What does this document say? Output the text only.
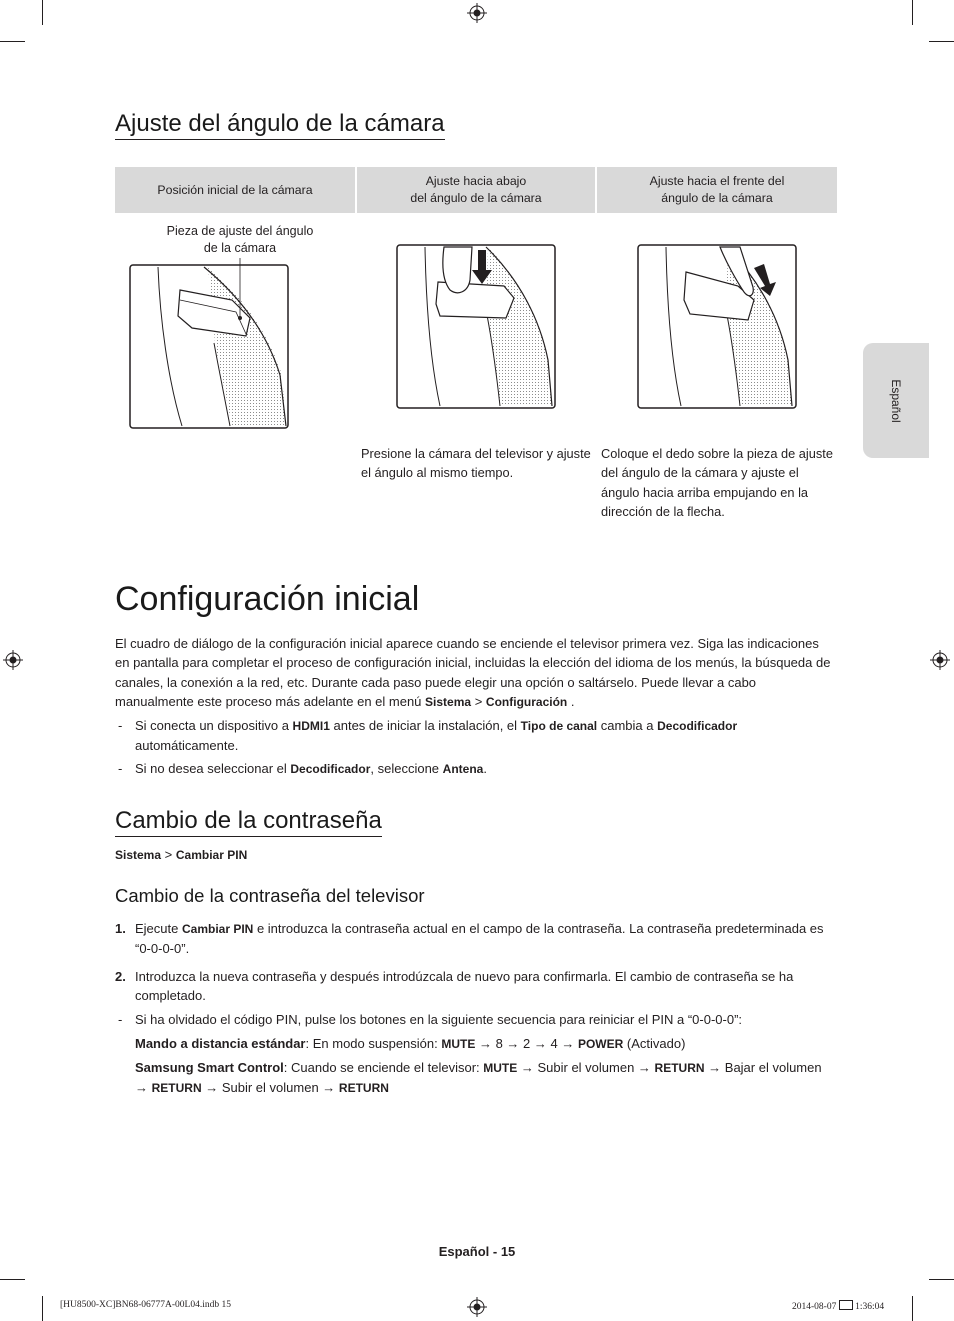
Ajuste del ángulo de la cámara
Posición inicial de la cámara
Ajuste hacia abajo
del ángulo de la cámara
Ajuste hacia el frente del
ángulo de la cámara
Pieza de ajuste del ángulo
de la cámara
Presione la cámara del televisor y ajuste el ángulo al mismo tiempo.
Coloque el dedo sobre la pieza de ajuste del ángulo de la cámara y ajuste el ángulo hacia arriba empujando en la dirección de la flecha.
Español
Configuración inicial
El cuadro de diálogo de la configuración inicial aparece cuando se enciende el televisor primera vez. Siga las indicaciones en pantalla para completar el proceso de configuración inicial, incluidas la elección del idioma de los menús, la búsqueda de canales, la conexión a la red, etc. Durante cada paso puede elegir una opción o saltárselo. Puede llevar a cabo manualmente este proceso más adelante en el menú Sistema > Configuración .
- Si conecta un dispositivo a HDMI1 antes de iniciar la instalación, el Tipo de canal cambia a Decodificador automáticamente.
- Si no desea seleccionar el Decodificador, seleccione Antena.
Cambio de la contraseña
Sistema > Cambiar PIN
Cambio de la contraseña del televisor
1. Ejecute Cambiar PIN e introduzca la contraseña actual en el campo de la contraseña. La contraseña predeterminada es “0-0-0-0”.
2. Introduzca la nueva contraseña y después introdúzcala de nuevo para confirmarla. El cambio de contraseña se ha completado.
- Si ha olvidado el código PIN, pulse los botones en la siguiente secuencia para reiniciar el PIN a “0-0-0-0”:
Mando a distancia estándar: En modo suspensión: MUTE → 8 → 2 → 4 → POWER (Activado)
Samsung Smart Control: Cuando se enciende el televisor: MUTE → Subir el volumen → RETURN → Bajar el volumen → RETURN → Subir el volumen → RETURN
Español - 15
[HU8500-XC]BN68-06777A-00L04.indb 15	2014-08-07  1:36:04
